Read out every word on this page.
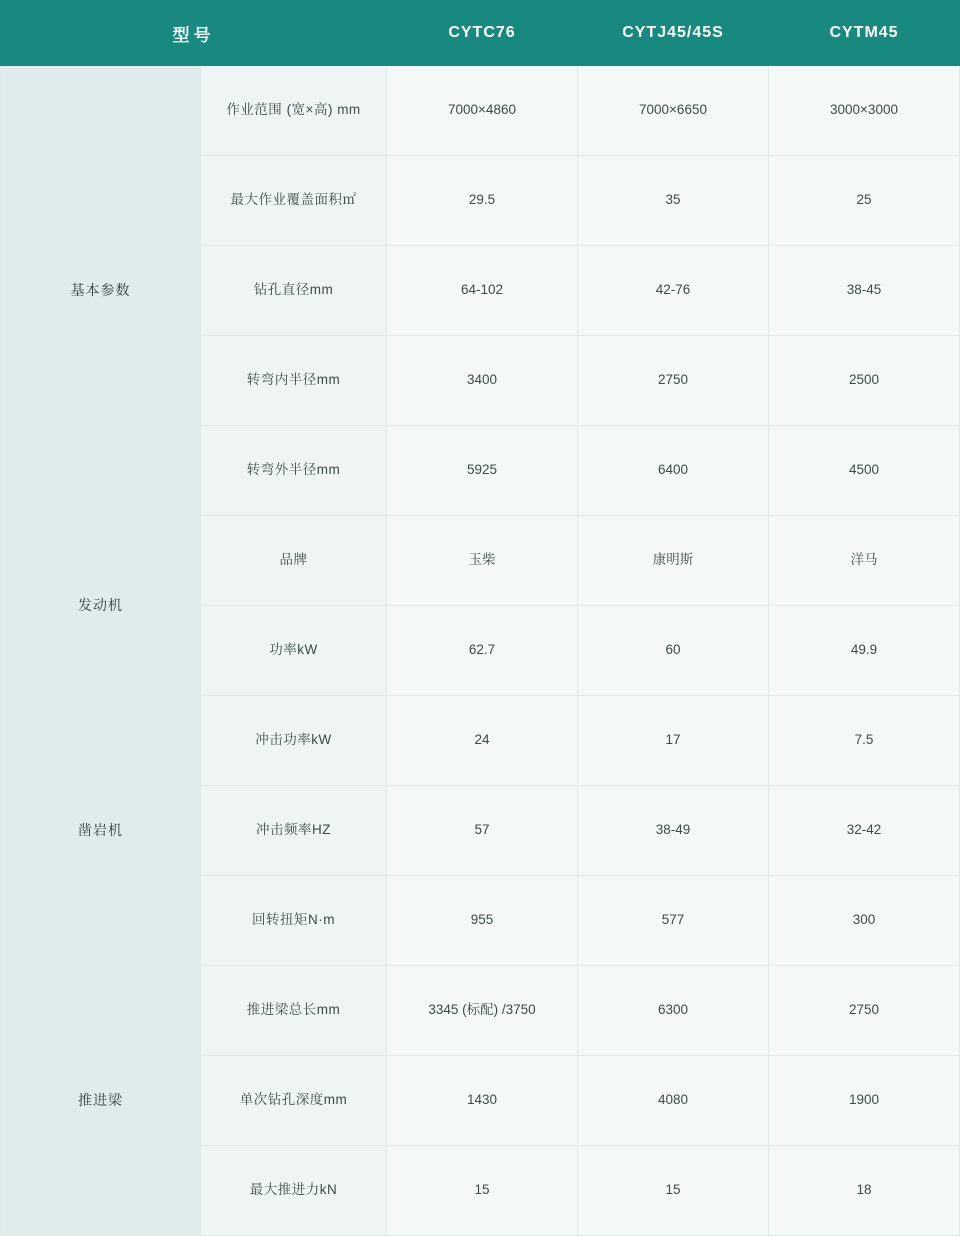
型号		CYTC76	CYTJ45/45S	CYTM45
基本参数	作业范围 (宽×高) mm	7000×4860	7000×6650	3000×3000
	最大作业覆盖面积㎡	29.5	35	25
	钻孔直径mm	64-102	42-76	38-45
	转弯内半径mm	3400	2750	2500
	转弯外半径mm	5925	6400	4500
发动机	品牌	玉柴	康明斯	洋马
	功率kW	62.7	60	49.9
凿岩机	冲击功率kW	24	17	7.5
	冲击频率HZ	57	38-49	32-42
	回转扭矩N·m	955	577	300
推进梁	推进梁总长mm	3345 (标配) /3750	6300	2750
	单次钻孔深度mm	1430	4080	1900
	最大推进力kN	15	15	18
